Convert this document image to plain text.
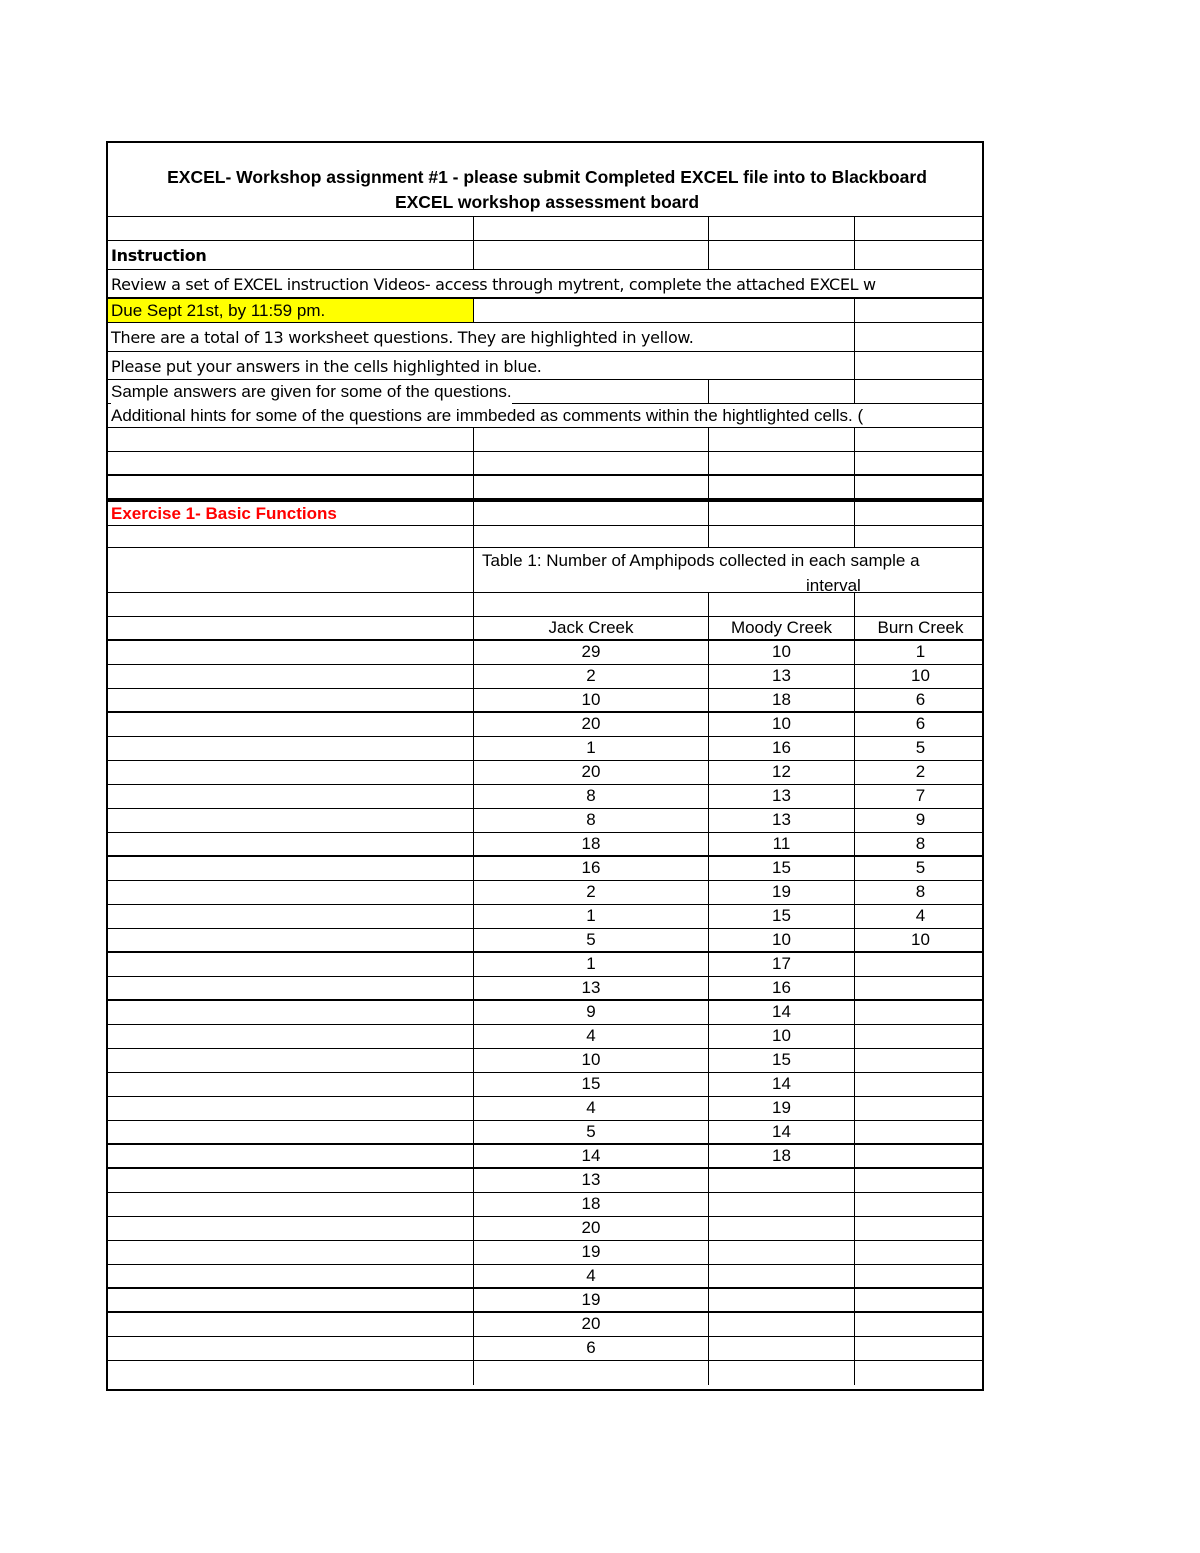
EXCEL- Workshop assignment #1 - please submit Completed EXCEL file into to Blackboard
EXCEL workshop assessment board
Instruction
Review a set of EXCEL instruction Videos- access through mytrent, complete the attached EXCEL w
Due Sept 21st, by 11:59 pm.
There are a total of 13 worksheet questions. They are highlighted in yellow.
Please put your answers in the cells highlighted in blue.
Sample answers are given for some of the questions.
Additional hints for some of the questions are immbeded as comments within the hightlighted cells. (
Exercise 1- Basic Functions
Table 1: Number of Amphipods collected in each sample a
interval
Jack Creek	Moody Creek	Burn Creek
29	10	1
2	13	10
10	18	6
20	10	6
1	16	5
20	12	2
8	13	7
8	13	9
18	11	8
16	15	5
2	19	8
1	15	4
5	10	10
1	17
13	16
9	14
4	10
10	15
15	14
4	19
5	14
14	18
13
18
20
19
4
19
20
6
